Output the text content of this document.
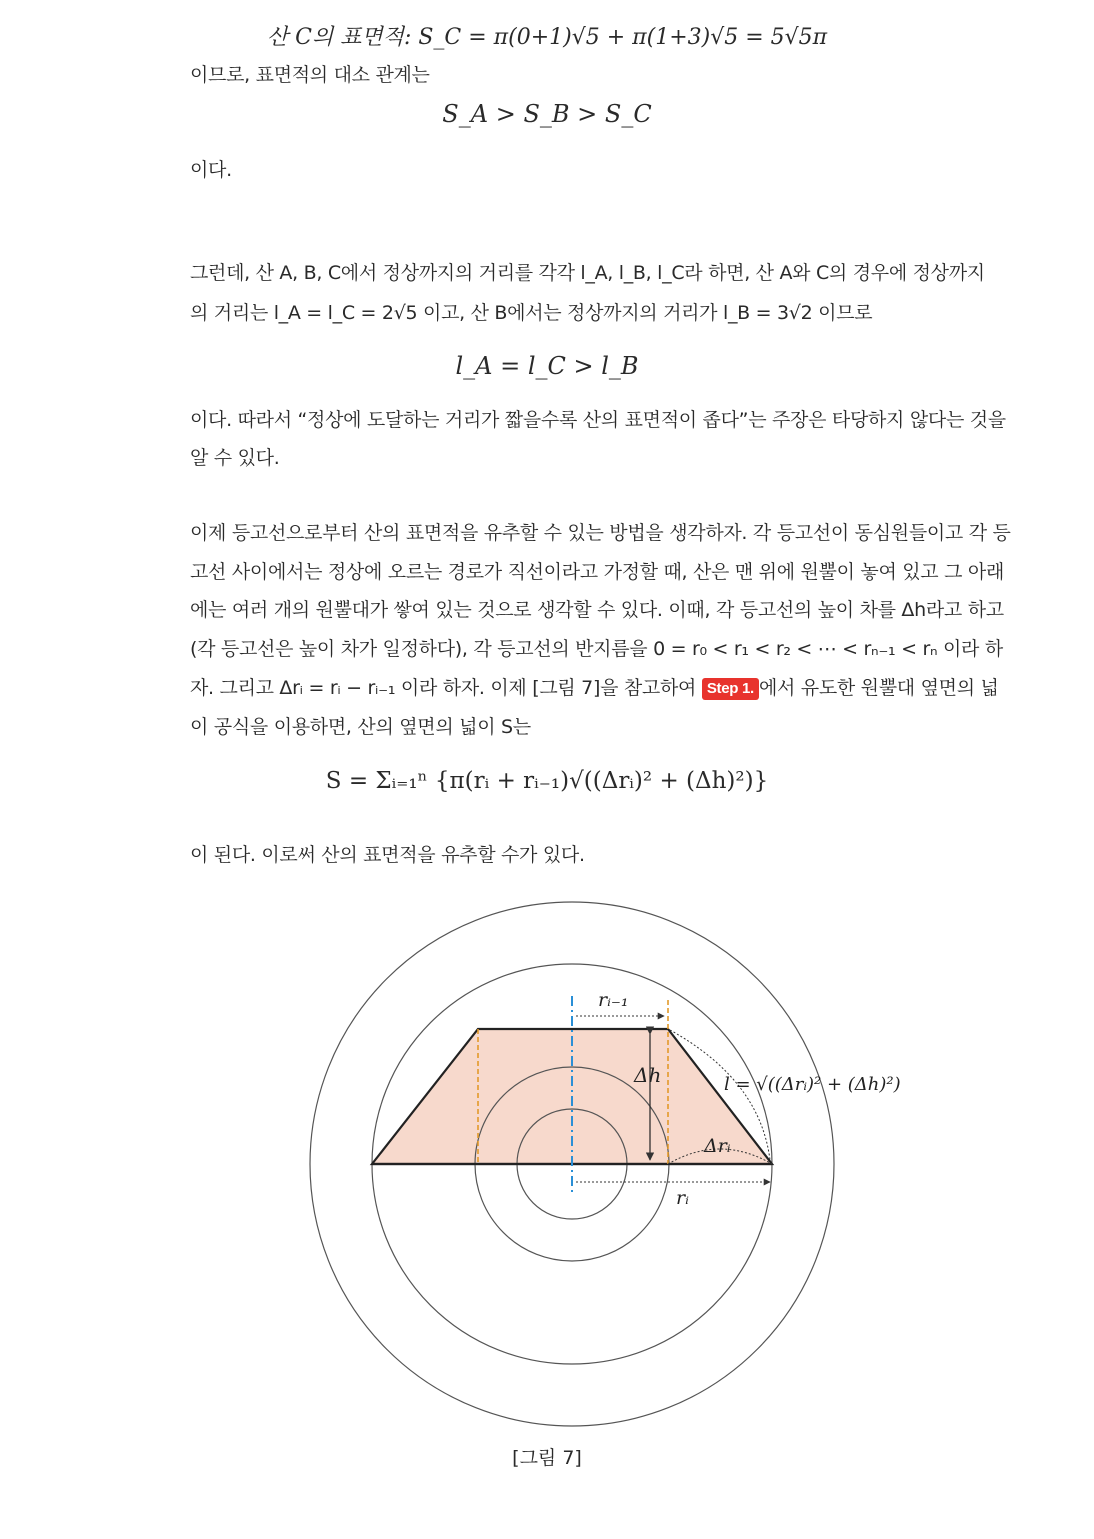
산 C의 표면적: S_C = π(0+1)√5 + π(1+3)√5 = 5√5π
이므로, 표면적의 대소 관계는
S_A > S_B > S_C
이다.
그런데, 산 A, B, C에서 정상까지의 거리를 각각 l_A, l_B, l_C라 하면, 산 A와 C의 경우에 정상까지
의 거리는 l_A = l_C = 2√5 이고, 산 B에서는 정상까지의 거리가 l_B = 3√2 이므로
l_A = l_C > l_B
이다. 따라서 “정상에 도달하는 거리가 짧을수록 산의 표면적이 좁다”는 주장은 타당하지 않다는 것을
알 수 있다.
이제 등고선으로부터 산의 표면적을 유추할 수 있는 방법을 생각하자. 각 등고선이 동심원들이고 각 등
고선 사이에서는 정상에 오르는 경로가 직선이라고 가정할 때, 산은 맨 위에 원뿔이 놓여 있고 그 아래
에는 여러 개의 원뿔대가 쌓여 있는 것으로 생각할 수 있다. 이때, 각 등고선의 높이 차를 Δh라고 하고
(각 등고선은 높이 차가 일정하다), 각 등고선의 반지름을 0 = r₀ < r₁ < r₂ < ⋯ < rₙ₋₁ < rₙ 이라 하
자. 그리고 Δrᵢ = rᵢ − rᵢ₋₁ 이라 하자. 이제 [그림 7]을 참고하여 Step 1. 에서 유도한 원뿔대 옆면의 넓
이 공식을 이용하면, 산의 옆면의 넓이 S는
S = Σᵢ₌₁ⁿ {π(rᵢ + rᵢ₋₁)√((Δrᵢ)² + (Δh)²)}
이 된다. 이로써 산의 표면적을 유추할 수가 있다.
rᵢ₋₁
Δh	l = √((Δrᵢ)² + (Δh)²)
Δrᵢ
rᵢ
[그림 7]
